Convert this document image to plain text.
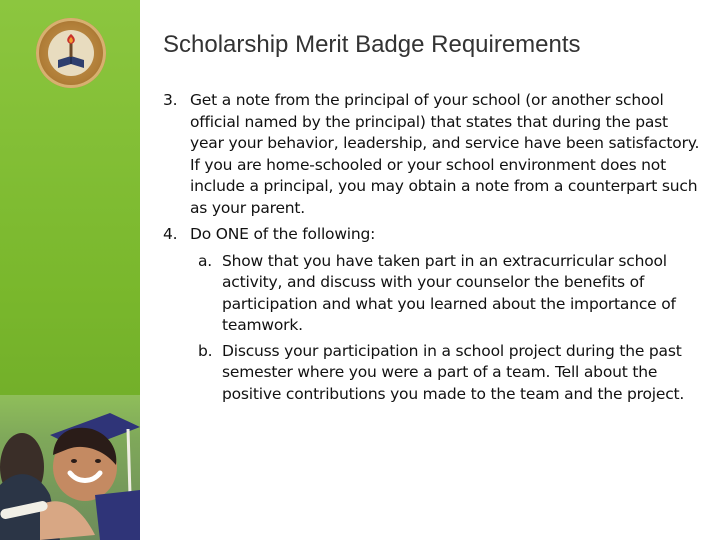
Scholarship Merit Badge Requirements
3. Get a note from the principal of your school (or another school official named by the principal) that states that during the past year your behavior, leadership, and service have been satisfactory. If you are home-schooled or your school environment does not include a principal, you may obtain a note from a counterpart such as your parent.
4. Do ONE of the following:
a. Show that you have taken part in an extracurricular school activity, and discuss with your counselor the benefits of participation and what you learned about the importance of teamwork.
b. Discuss your participation in a school project during the past semester where you were a part of a team. Tell about the positive contributions you made to the team and the project.
